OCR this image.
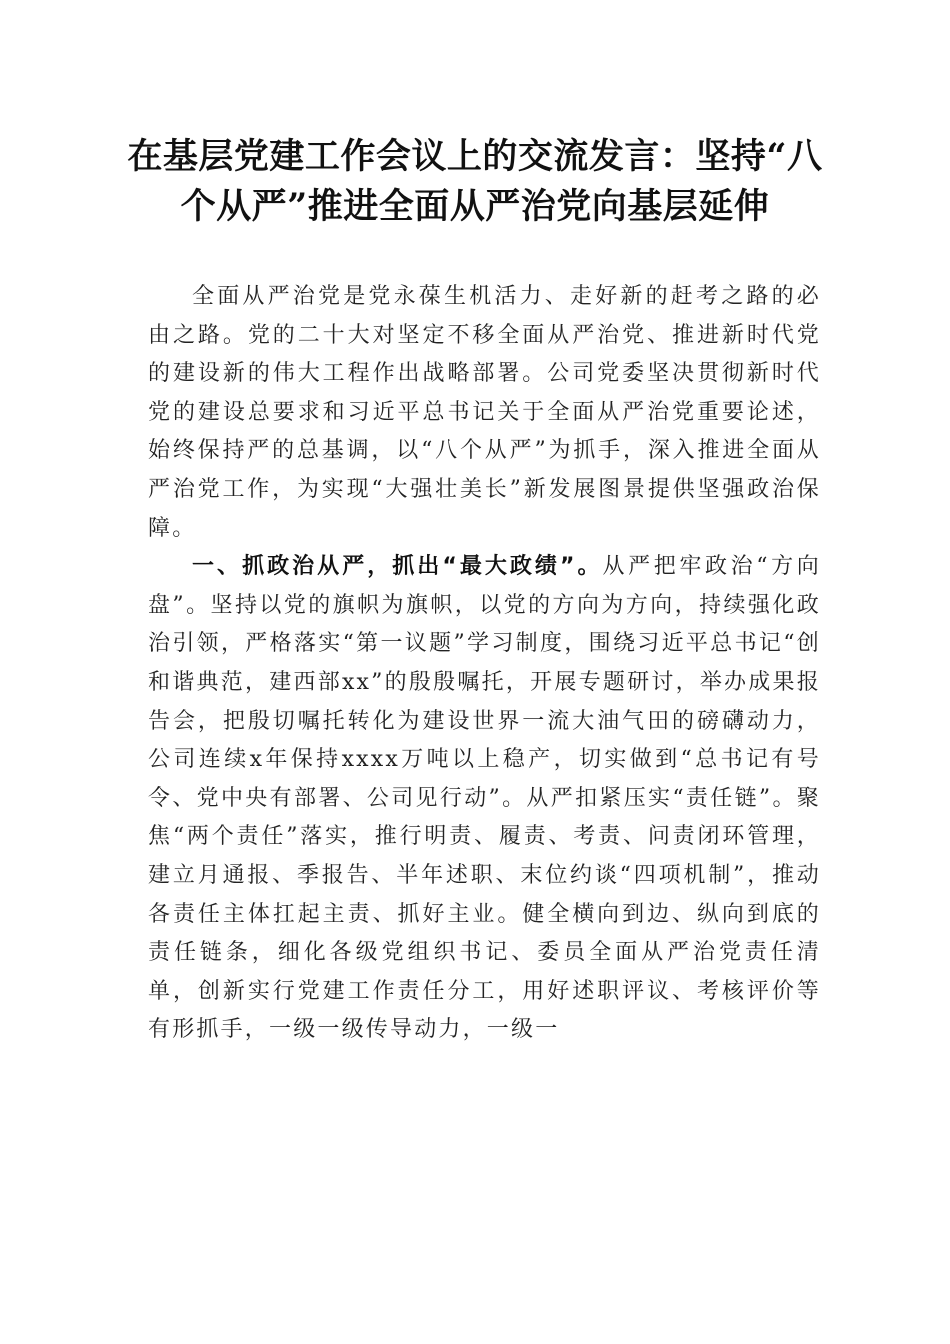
在基层党建工作会议上的交流发言：坚持“八个从严”推进全面从严治党向基层延伸

全面从严治党是党永葆生机活力、走好新的赶考之路的必由之路。党的二十大对坚定不移全面从严治党、推进新时代党的建设新的伟大工程作出战略部署。公司党委坚决贯彻新时代党的建设总要求和习近平总书记关于全面从严治党重要论述，始终保持严的总基调，以“八个从严”为抓手，深入推进全面从严治党工作，为实现“大强壮美长”新发展图景提供坚强政治保障。

一、抓政治从严，抓出“最大政绩”。从严把牢政治“方向盘”。坚持以党的旗帜为旗帜，以党的方向为方向，持续强化政治引领，严格落实“第一议题”学习制度，围绕习近平总书记“创和谐典范，建西部xx”的殷殷嘱托，开展专题研讨，举办成果报告会，把殷切嘱托转化为建设世界一流大油气田的磅礴动力，公司连续x年保持xxxx万吨以上稳产，切实做到“总书记有号令、党中央有部署、公司见行动”。从严扣紧压实“责任链”。聚焦“两个责任”落实，推行明责、履责、考责、问责闭环管理，建立月通报、季报告、半年述职、末位约谈“四项机制”，推动各责任主体扛起主责、抓好主业。健全横向到边、纵向到底的责任链条，细化各级党组织书记、委员全面从严治党责任清单，创新实行党建工作责任分工，用好述职评议、考核评价等有形抓手，一级一级传导动力，一级一
